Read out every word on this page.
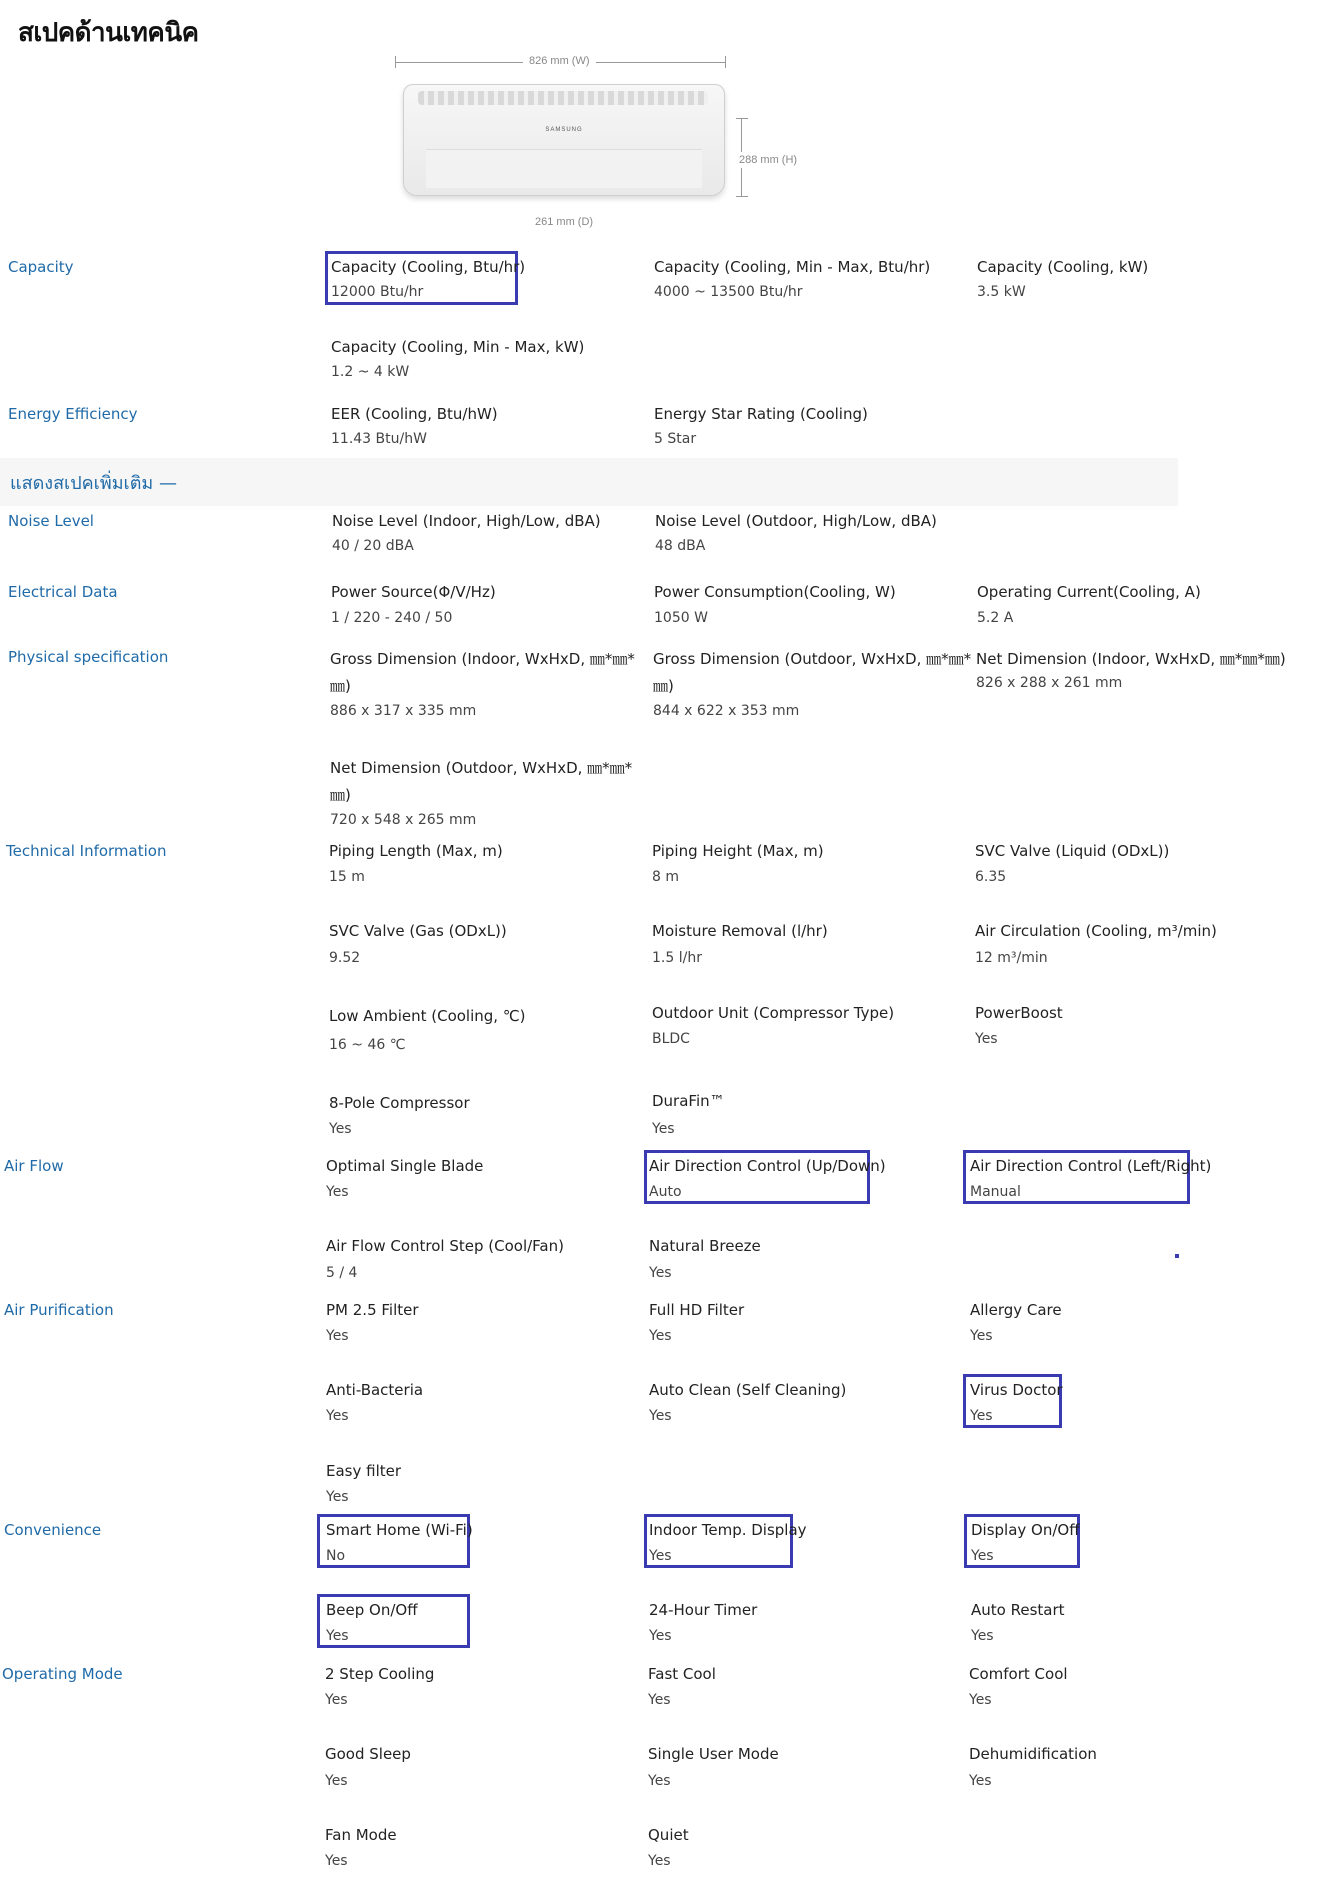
สเปคด้านเทคนิค
826 mm (W)
SAMSUNG
288 mm (H)
261 mm (D)
Capacity
Energy Efficiency
แสดงสเปคเพิ่มเติม —
Noise Level
Electrical Data
Physical specification
Technical Information
Air Flow
Air Purification
Convenience
Operating Mode
Capacity (Cooling, Btu/hr)
12000 Btu/hr
Capacity (Cooling, Min - Max, Btu/hr)
4000 ~ 13500 Btu/hr
Capacity (Cooling, kW)
3.5 kW
Capacity (Cooling, Min - Max, kW)
1.2 ~ 4 kW
EER (Cooling, Btu/hW)
11.43 Btu/hW
Energy Star Rating (Cooling)
5 Star
Noise Level (Indoor, High/Low, dBA)
40 / 20 dBA
Noise Level (Outdoor, High/Low, dBA)
48 dBA
Power Source(Φ/V/Hz)
1 / 220 - 240 / 50
Power Consumption(Cooling, W)
1050 W
Operating Current(Cooling, A)
5.2 A
Gross Dimension (Indoor, WxHxD, ㎜*㎜*
㎜)
886 x 317 x 335 mm
Gross Dimension (Outdoor, WxHxD, ㎜*㎜*
㎜)
844 x 622 x 353 mm
Net Dimension (Indoor, WxHxD, ㎜*㎜*㎜)
826 x 288 x 261 mm
Net Dimension (Outdoor, WxHxD, ㎜*㎜*
㎜)
720 x 548 x 265 mm
Piping Length (Max, m)
15 m
Piping Height (Max, m)
8 m
SVC Valve (Liquid (ODxL))
6.35
SVC Valve (Gas (ODxL))
9.52
Moisture Removal (l/hr)
1.5 l/hr
Air Circulation (Cooling, m³/min)
12 m³/min
Low Ambient (Cooling, ℃)
16 ~ 46 ℃
Outdoor Unit (Compressor Type)
BLDC
PowerBoost
Yes
8-Pole Compressor
Yes
DuraFin™
Yes
Optimal Single Blade
Yes
Air Direction Control (Up/Down)
Auto
Air Direction Control (Left/Right)
Manual
Air Flow Control Step (Cool/Fan)
5 / 4
Natural Breeze
Yes
PM 2.5 Filter
Yes
Full HD Filter
Yes
Allergy Care
Yes
Anti-Bacteria
Yes
Auto Clean (Self Cleaning)
Yes
Virus Doctor
Yes
Easy filter
Yes
Smart Home (Wi-Fi)
No
Indoor Temp. Display
Yes
Display On/Off
Yes
Beep On/Off
Yes
24-Hour Timer
Yes
Auto Restart
Yes
2 Step Cooling
Yes
Fast Cool
Yes
Comfort Cool
Yes
Good Sleep
Yes
Single User Mode
Yes
Dehumidification
Yes
Fan Mode
Yes
Quiet
Yes
